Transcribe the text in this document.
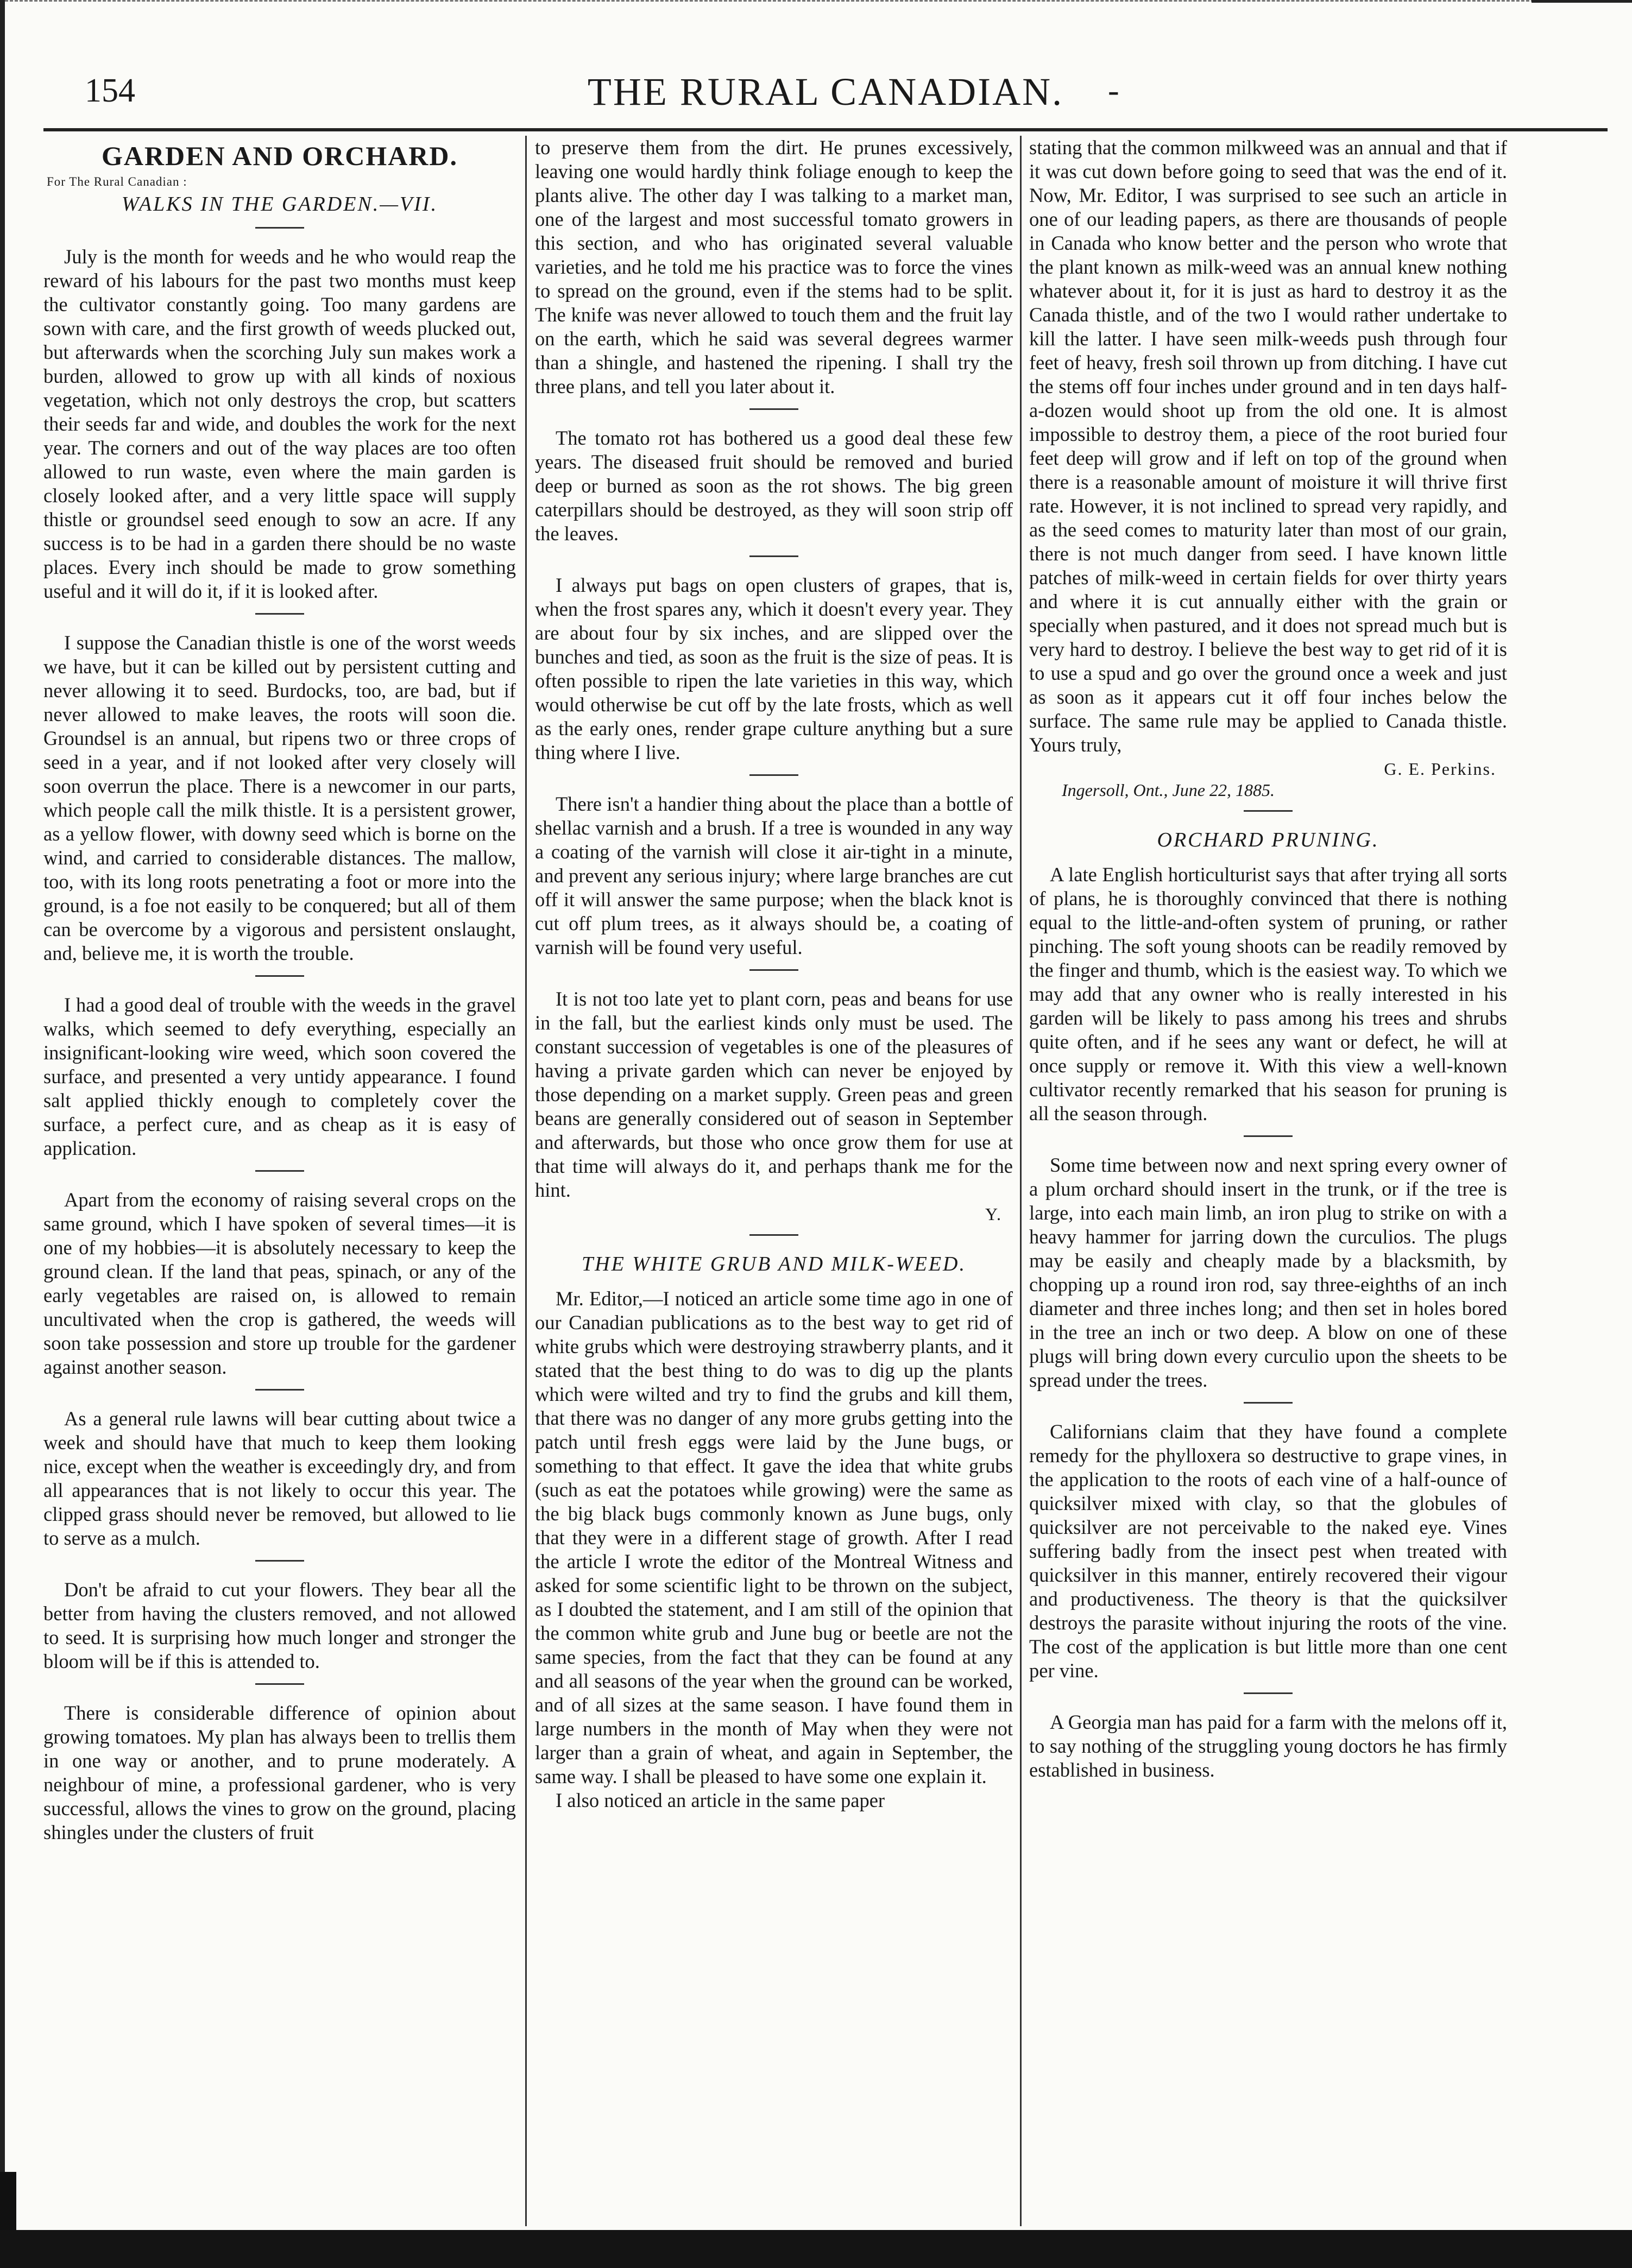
154	THE RURAL CANADIAN.	-
GARDEN AND ORCHARD.
For The Rural Canadian :
WALKS IN THE GARDEN.—VII.

July is the month for weeds and he who would reap the reward of his labours for the past two months must keep the cultivator constantly going. Too many gardens are sown with care, and the first growth of weeds plucked out, but afterwards when the scorching July sun makes work a burden, allowed to grow up with all kinds of noxious vegetation, which not only destroys the crop, but scatters their seeds far and wide, and doubles the work for the next year. The corners and out of the way places are too often allowed to run waste, even where the main garden is closely looked after, and a very little space will supply thistle or groundsel seed enough to sow an acre. If any success is to be had in a garden there should be no waste places. Every inch should be made to grow something useful and it will do it, if it is looked after.

I suppose the Canadian thistle is one of the worst weeds we have, but it can be killed out by persistent cutting and never allowing it to seed. Burdocks, too, are bad, but if never allowed to make leaves, the roots will soon die. Groundsel is an annual, but ripens two or three crops of seed in a year, and if not looked after very closely will soon overrun the place. There is a newcomer in our parts, which people call the milk thistle. It is a persistent grower, as a yellow flower, with downy seed which is borne on the wind, and carried to considerable distances. The mallow, too, with its long roots penetrating a foot or more into the ground, is a foe not easily to be conquered; but all of them can be overcome by a vigorous and persistent onslaught, and, believe me, it is worth the trouble.

I had a good deal of trouble with the weeds in the gravel walks, which seemed to defy everything, especially an insignificant-looking wire weed, which soon covered the surface, and presented a very untidy appearance. I found salt applied thickly enough to completely cover the surface, a perfect cure, and as cheap as it is easy of application.

Apart from the economy of raising several crops on the same ground, which I have spoken of several times—it is one of my hobbies—it is absolutely necessary to keep the ground clean. If the land that peas, spinach, or any of the early vegetables are raised on, is allowed to remain uncultivated when the crop is gathered, the weeds will soon take possession and store up trouble for the gardener against another season.

As a general rule lawns will bear cutting about twice a week and should have that much to keep them looking nice, except when the weather is exceedingly dry, and from all appearances that is not likely to occur this year. The clipped grass should never be removed, but allowed to lie to serve as a mulch.

Don't be afraid to cut your flowers. They bear all the better from having the clusters removed, and not allowed to seed. It is surprising how much longer and stronger the bloom will be if this is attended to.

There is considerable difference of opinion about growing tomatoes. My plan has always been to trellis them in one way or another, and to prune moderately. A neighbour of mine, a professional gardener, who is very successful, allows the vines to grow on the ground, placing shingles under the clusters of fruit

to preserve them from the dirt. He prunes excessively, leaving one would hardly think foliage enough to keep the plants alive. The other day I was talking to a market man, one of the largest and most successful tomato growers in this section, and who has originated several valuable varieties, and he told me his practice was to force the vines to spread on the ground, even if the stems had to be split. The knife was never allowed to touch them and the fruit lay on the earth, which he said was several degrees warmer than a shingle, and hastened the ripening. I shall try the three plans, and tell you later about it.

The tomato rot has bothered us a good deal these few years. The diseased fruit should be removed and buried deep or burned as soon as the rot shows. The big green caterpillars should be destroyed, as they will soon strip off the leaves.

I always put bags on open clusters of grapes, that is, when the frost spares any, which it doesn't every year. They are about four by six inches, and are slipped over the bunches and tied, as soon as the fruit is the size of peas. It is often possible to ripen the late varieties in this way, which would otherwise be cut off by the late frosts, which as well as the early ones, render grape culture anything but a sure thing where I live.

There isn't a handier thing about the place than a bottle of shellac varnish and a brush. If a tree is wounded in any way a coating of the varnish will close it air-tight in a minute, and prevent any serious injury; where large branches are cut off it will answer the same purpose; when the black knot is cut off plum trees, as it always should be, a coating of varnish will be found very useful.

It is not too late yet to plant corn, peas and beans for use in the fall, but the earliest kinds only must be used. The constant succession of vegetables is one of the pleasures of having a private garden which can never be enjoyed by those depending on a market supply. Green peas and green beans are generally considered out of season in September and afterwards, but those who once grow them for use at that time will always do it, and perhaps thank me for the hint.

Y.
THE WHITE GRUB AND MILK-WEED.

Mr. Editor,—I noticed an article some time ago in one of our Canadian publications as to the best way to get rid of white grubs which were destroying strawberry plants, and it stated that the best thing to do was to dig up the plants which were wilted and try to find the grubs and kill them, that there was no danger of any more grubs getting into the patch until fresh eggs were laid by the June bugs, or something to that effect. It gave the idea that white grubs (such as eat the potatoes while growing) were the same as the big black bugs commonly known as June bugs, only that they were in a different stage of growth. After I read the article I wrote the editor of the Montreal Witness and asked for some scientific light to be thrown on the subject, as I doubted the statement, and I am still of the opinion that the common white grub and June bug or beetle are not the same species, from the fact that they can be found at any and all seasons of the year when the ground can be worked, and of all sizes at the same season. I have found them in large numbers in the month of May when they were not larger than a grain of wheat, and again in September, the same way. I shall be pleased to have some one explain it.

I also noticed an article in the same paper

stating that the common milkweed was an annual and that if it was cut down before going to seed that was the end of it. Now, Mr. Editor, I was surprised to see such an article in one of our leading papers, as there are thousands of people in Canada who know better and the person who wrote that the plant known as milk-weed was an annual knew nothing whatever about it, for it is just as hard to destroy it as the Canada thistle, and of the two I would rather undertake to kill the latter. I have seen milk-weeds push through four feet of heavy, fresh soil thrown up from ditching. I have cut the stems off four inches under ground and in ten days half-a-dozen would shoot up from the old one. It is almost impossible to destroy them, a piece of the root buried four feet deep will grow and if left on top of the ground when there is a reasonable amount of moisture it will thrive first rate. However, it is not inclined to spread very rapidly, and as the seed comes to maturity later than most of our grain, there is not much danger from seed. I have known little patches of milk-weed in certain fields for over thirty years and where it is cut annually either with the grain or specially when pastured, and it does not spread much but is very hard to destroy. I believe the best way to get rid of it is to use a spud and go over the ground once a week and just as soon as it appears cut it off four inches below the surface. The same rule may be applied to Canada thistle. Yours truly,

G. E. Perkins.
Ingersoll, Ont., June 22, 1885.
ORCHARD PRUNING.

A late English horticulturist says that after trying all sorts of plans, he is thoroughly convinced that there is nothing equal to the little-and-often system of pruning, or rather pinching. The soft young shoots can be readily removed by the finger and thumb, which is the easiest way. To which we may add that any owner who is really interested in his garden will be likely to pass among his trees and shrubs quite often, and if he sees any want or defect, he will at once supply or remove it. With this view a well-known cultivator recently remarked that his season for pruning is all the season through.

Some time between now and next spring every owner of a plum orchard should insert in the trunk, or if the tree is large, into each main limb, an iron plug to strike on with a heavy hammer for jarring down the curculios. The plugs may be easily and cheaply made by a blacksmith, by chopping up a round iron rod, say three-eighths of an inch diameter and three inches long; and then set in holes bored in the tree an inch or two deep. A blow on one of these plugs will bring down every curculio upon the sheets to be spread under the trees.

Californians claim that they have found a complete remedy for the phylloxera so destructive to grape vines, in the application to the roots of each vine of a half-ounce of quicksilver mixed with clay, so that the globules of quicksilver are not perceivable to the naked eye. Vines suffering badly from the insect pest when treated with quicksilver in this manner, entirely recovered their vigour and productiveness. The theory is that the quicksilver destroys the parasite without injuring the roots of the vine. The cost of the application is but little more than one cent per vine.

A Georgia man has paid for a farm with the melons off it, to say nothing of the struggling young doctors he has firmly established in business.
